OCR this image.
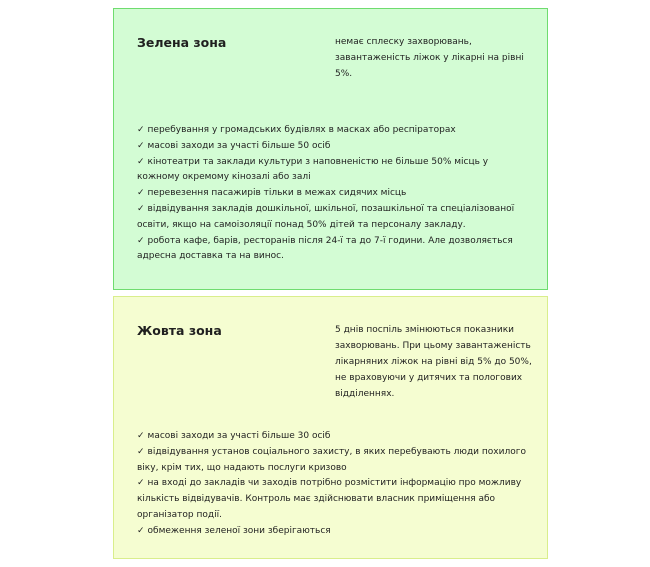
Зелена зона	немає сплеску захворювань, завантаженість ліжок у лікарні на рівні 5%.

✓ перебування у громадських будівлях в масках або респіраторах
✓ масові заходи за участі більше 50 осіб
✓ кінотеатри та заклади культури з наповненістю не більше 50% місць у кожному окремому кінозалі або залі
✓ перевезення пасажирів тільки в межах сидячих місць
✓ відвідування закладів дошкільної, шкільної, позашкільної та спеціалізованої освіти, якщо на самоізоляції понад 50% дітей та персоналу закладу.
✓ робота кафе, барів, ресторанів після 24-ї та до 7-ї години. Але дозволяється адресна доставка та на винос.
Жовта зона	5 днів поспіль змінюються показники захворювань. При цьому завантаженість лікарняних ліжок на рівні від 5% до 50%, не враховуючи у дитячих та пологових відділеннях.

✓ масові заходи за участі більше 30 осіб
✓ відвідування установ соціального захисту, в яких перебувають люди похилого віку, крім тих, що надають послуги кризово
✓ на вході до закладів чи заходів потрібно розмістити інформацію про можливу кількість відвідувачів. Контроль має здійснювати власник приміщення або організатор події.
✓ обмеження зеленої зони зберігаються
